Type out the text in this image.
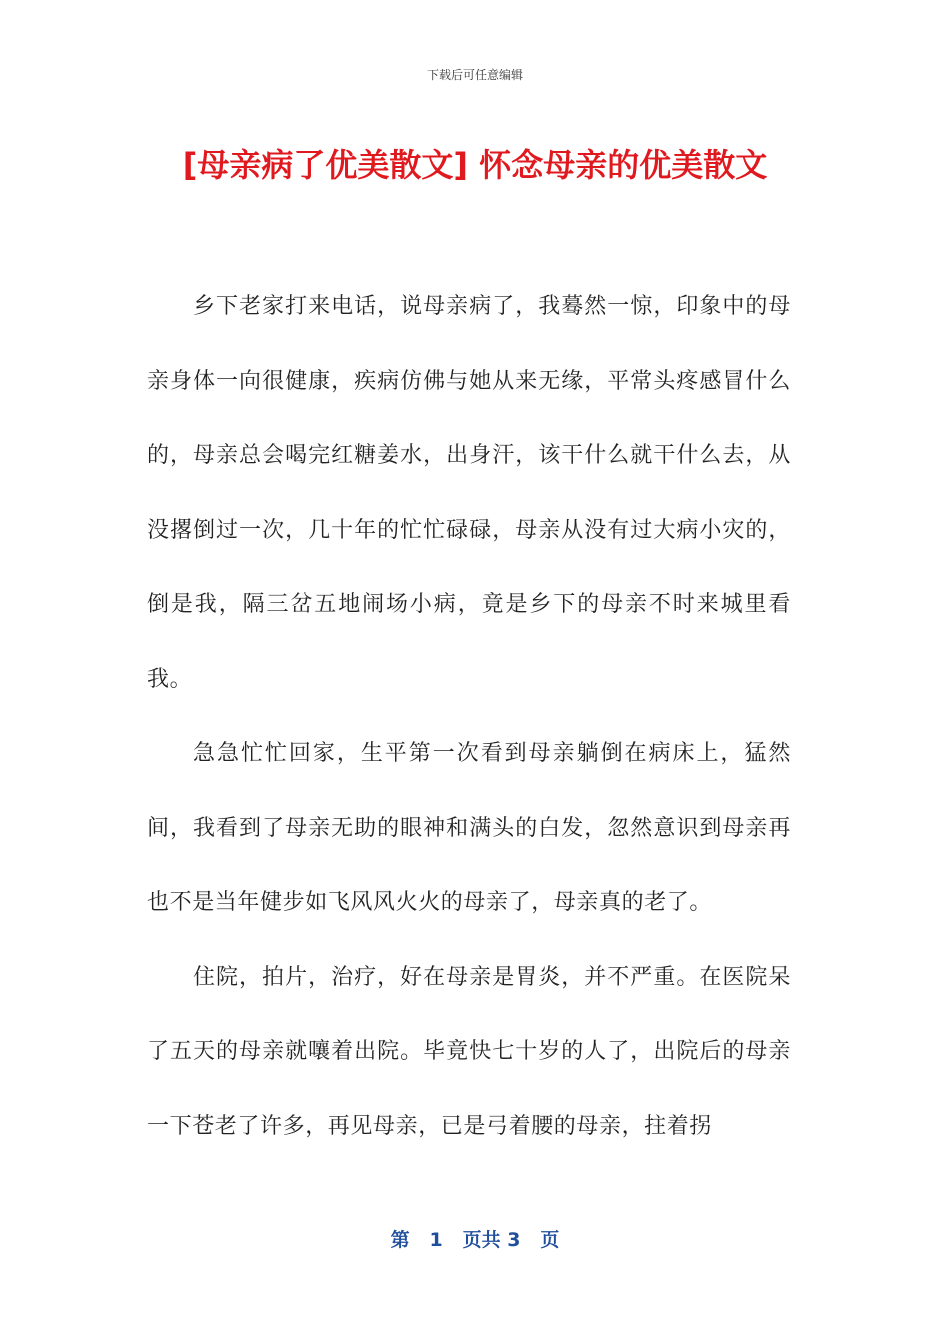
下载后可任意编辑
[母亲病了优美散文] 怀念母亲的优美散文

乡下老家打来电话，说母亲病了，我蓦然一惊，印象中的母亲身体一向很健康，疾病仿佛与她从来无缘，平常头疼感冒什么的，母亲总会喝完红糖姜水，出身汗，该干什么就干什么去，从没撂倒过一次，几十年的忙忙碌碌，母亲从没有过大病小灾的，倒是我，隔三岔五地闹场小病，竟是乡下的母亲不时来城里看我。

急急忙忙回家，生平第一次看到母亲躺倒在病床上，猛然间，我看到了母亲无助的眼神和满头的白发，忽然意识到母亲再也不是当年健步如飞风风火火的母亲了，母亲真的老了。

住院，拍片，治疗，好在母亲是胃炎，并不严重。在医院呆了五天的母亲就嚷着出院。毕竟快七十岁的人了，出院后的母亲一下苍老了许多，再见母亲，已是弓着腰的母亲，拄着拐

第 1 页共 3 页
